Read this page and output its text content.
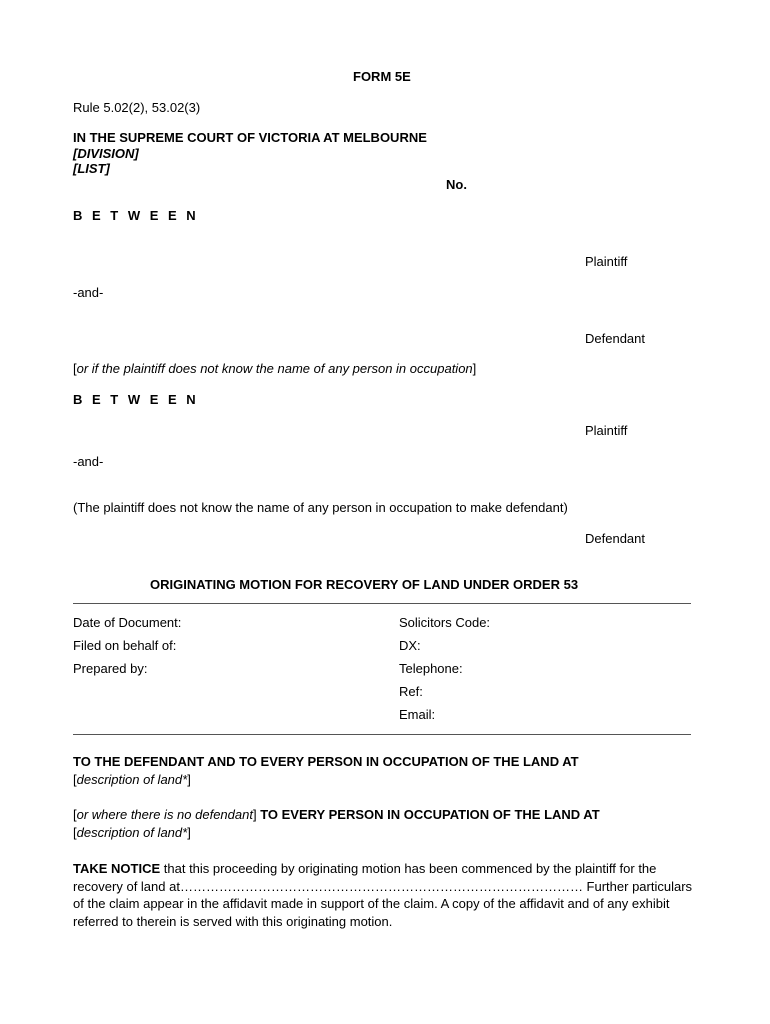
FORM 5E
Rule 5.02(2), 53.02(3)
IN THE SUPREME COURT OF VICTORIA AT MELBOURNE
[DIVISION]
[LIST]
No.
B E T W E E N
Plaintiff
-and-
Defendant
[or if the plaintiff does not know the name of any person in occupation]
B E T W E E N
Plaintiff
-and-
(The plaintiff does not know the name of any person in occupation to make defendant)
Defendant
ORIGINATING MOTION FOR RECOVERY OF LAND UNDER ORDER 53
Date of Document:
Filed on behalf of:
Prepared by:
Solicitors Code:
DX:
Telephone:
Ref:
Email:
TO THE DEFENDANT AND TO EVERY PERSON IN OCCUPATION OF THE LAND AT
[description of land*]
[or where there is no defendant] TO EVERY PERSON IN OCCUPATION OF THE LAND AT
[description of land*]
TAKE NOTICE that this proceeding by originating motion has been commenced by the plaintiff for the recovery of land at………………………………………………………………………………… Further particulars of the claim appear in the affidavit made in support of the claim. A copy of the affidavit and of any exhibit referred to therein is served with this originating motion.
